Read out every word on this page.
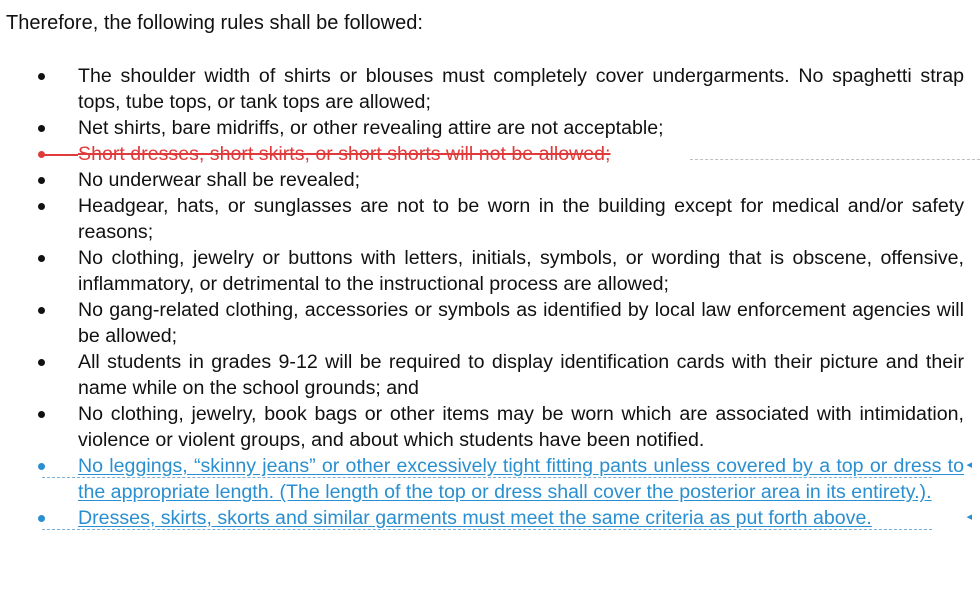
Therefore, the following rules shall be followed:
The shoulder width of shirts or blouses must completely cover undergarments. No spaghetti strap tops, tube tops, or tank tops are allowed;
Net shirts, bare midriffs, or other revealing attire are not acceptable;
Short dresses, short skirts, or short shorts will not be allowed;
No underwear shall be revealed;
Headgear, hats, or sunglasses are not to be worn in the building except for medical and/or safety reasons;
No clothing, jewelry or buttons with letters, initials, symbols, or wording that is obscene, offensive, inflammatory, or detrimental to the instructional process are allowed;
No gang-related clothing, accessories or symbols as identified by local law enforcement agencies will be allowed;
All students in grades 9-12 will be required to display identification cards with their picture and their name while on the school grounds; and
No clothing, jewelry, book bags or other items may be worn which are associated with intimidation, violence or violent groups, and about which students have been notified.
No leggings, “skinny jeans” or other excessively tight fitting pants unless covered by a top or dress to the appropriate length. (The length of the top or dress shall cover the posterior area in its entirety.).
◂
Dresses, skirts, skorts and similar garments must meet the same criteria as put forth above.	◂
